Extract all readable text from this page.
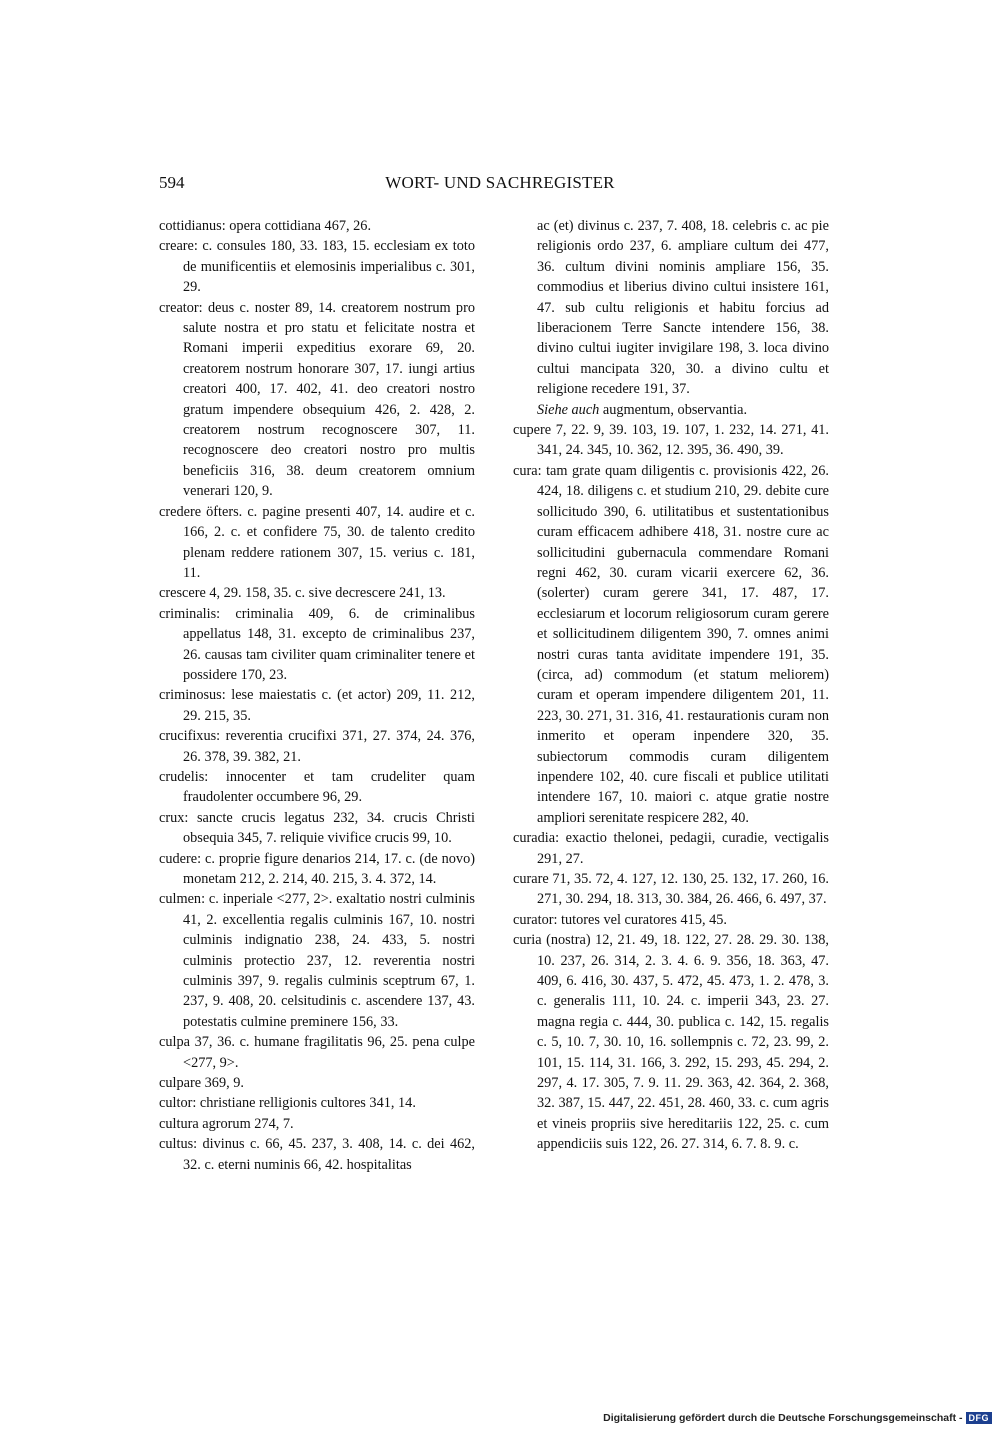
594	WORT- UND SACHREGISTER

cottidianus: opera cottidiana 467, 26.

creare: c. consules 180, 33. 183, 15. ecclesiam ex toto de munificentiis et elemosinis imperialibus c. 301, 29.

creator: deus c. noster 89, 14. creatorem nostrum pro salute nostra et pro statu et felicitate nostra et Romani imperii expeditius exorare 69, 20. creatorem nostrum honorare 307, 17. iungi artius creatori 400, 17. 402, 41. deo creatori nostro gratum impendere obsequium 426, 2. 428, 2. creatorem nostrum recognoscere 307, 11. recognoscere deo creatori nostro pro multis beneficiis 316, 38. deum creatorem omnium venerari 120, 9.

credere öfters. c. pagine presenti 407, 14. audire et c. 166, 2. c. et confidere 75, 30. de talento credito plenam reddere rationem 307, 15. verius c. 181, 11.

crescere 4, 29. 158, 35. c. sive decrescere 241, 13.

criminalis: criminalia 409, 6. de criminalibus appellatus 148, 31. excepto de criminalibus 237, 26. causas tam civiliter quam criminaliter tenere et possidere 170, 23.

criminosus: lese maiestatis c. (et actor) 209, 11. 212, 29. 215, 35.

crucifixus: reverentia crucifixi 371, 27. 374, 24. 376, 26. 378, 39. 382, 21.

crudelis: innocenter et tam crudeliter quam fraudolenter occumbere 96, 29.

crux: sancte crucis legatus 232, 34. crucis Christi obsequia 345, 7. reliquie vivifice crucis 99, 10.

cudere: c. proprie figure denarios 214, 17. c. (de novo) monetam 212, 2. 214, 40. 215, 3. 4. 372, 14.

culmen: c. inperiale <277, 2>. exaltatio nostri culminis 41, 2. excellentia regalis culminis 167, 10. nostri culminis indignatio 238, 24. 433, 5. nostri culminis protectio 237, 12. reverentia nostri culminis 397, 9. regalis culminis sceptrum 67, 1. 237, 9. 408, 20. celsitudinis c. ascendere 137, 43. potestatis culmine preminere 156, 33.

culpa 37, 36. c. humane fragilitatis 96, 25. pena culpe <277, 9>.

culpare 369, 9.

cultor: christiane relligionis cultores 341, 14.

cultura agrorum 274, 7.

cultus: divinus c. 66, 45. 237, 3. 408, 14. c. dei 462, 32. c. eterni numinis 66, 42. hospitalitas

ac (et) divinus c. 237, 7. 408, 18. celebris c. ac pie religionis ordo 237, 6. ampliare cultum dei 477, 36. cultum divini nominis ampliare 156, 35. commodius et liberius divino cultui insistere 161, 47. sub cultu religionis et habitu forcius ad liberacionem Terre Sancte intendere 156, 38. divino cultui iugiter invigilare 198, 3. loca divino cultui mancipata 320, 30. a divino cultu et religione recedere 191, 37.

Siehe auch augmentum, observantia.

cupere 7, 22. 9, 39. 103, 19. 107, 1. 232, 14. 271, 41. 341, 24. 345, 10. 362, 12. 395, 36. 490, 39.

cura: tam grate quam diligentis c. provisionis 422, 26. 424, 18. diligens c. et studium 210, 29. debite cure sollicitudo 390, 6. utilitatibus et sustentationibus curam efficacem adhibere 418, 31. nostre cure ac sollicitudini gubernacula commendare Romani regni 462, 30. curam vicarii exercere 62, 36. (solerter) curam gerere 341, 17. 487, 17. ecclesiarum et locorum religiosorum curam gerere et sollicitudinem diligentem 390, 7. omnes animi nostri curas tanta aviditate impendere 191, 35. (circa, ad) commodum (et statum meliorem) curam et operam impendere diligentem 201, 11. 223, 30. 271, 31. 316, 41. restaurationis curam non inmerito et operam inpendere 320, 35. subiectorum commodis curam diligentem inpendere 102, 40. cure fiscali et publice utilitati intendere 167, 10. maiori c. atque gratie nostre ampliori serenitate respicere 282, 40.

curadia: exactio thelonei, pedagii, curadie, vectigalis 291, 27.

curare 71, 35. 72, 4. 127, 12. 130, 25. 132, 17. 260, 16. 271, 30. 294, 18. 313, 30. 384, 26. 466, 6. 497, 37.

curator: tutores vel curatores 415, 45.

curia (nostra) 12, 21. 49, 18. 122, 27. 28. 29. 30. 138, 10. 237, 26. 314, 2. 3. 4. 6. 9. 356, 18. 363, 47. 409, 6. 416, 30. 437, 5. 472, 45. 473, 1. 2. 478, 3. c. generalis 111, 10. 24. c. imperii 343, 23. 27. magna regia c. 444, 30. publica c. 142, 15. regalis c. 5, 10. 7, 30. 10, 16. sollempnis c. 72, 23. 99, 2. 101, 15. 114, 31. 166, 3. 292, 15. 293, 45. 294, 2. 297, 4. 17. 305, 7. 9. 11. 29. 363, 42. 364, 2. 368, 32. 387, 15. 447, 22. 451, 28. 460, 33. c. cum agris et vineis propriis sive hereditariis 122, 25. c. cum appendiciis suis 122, 26. 27. 314, 6. 7. 8. 9. c.

Digitalisierung gefördert durch die Deutsche Forschungsgemeinschaft - DFG
